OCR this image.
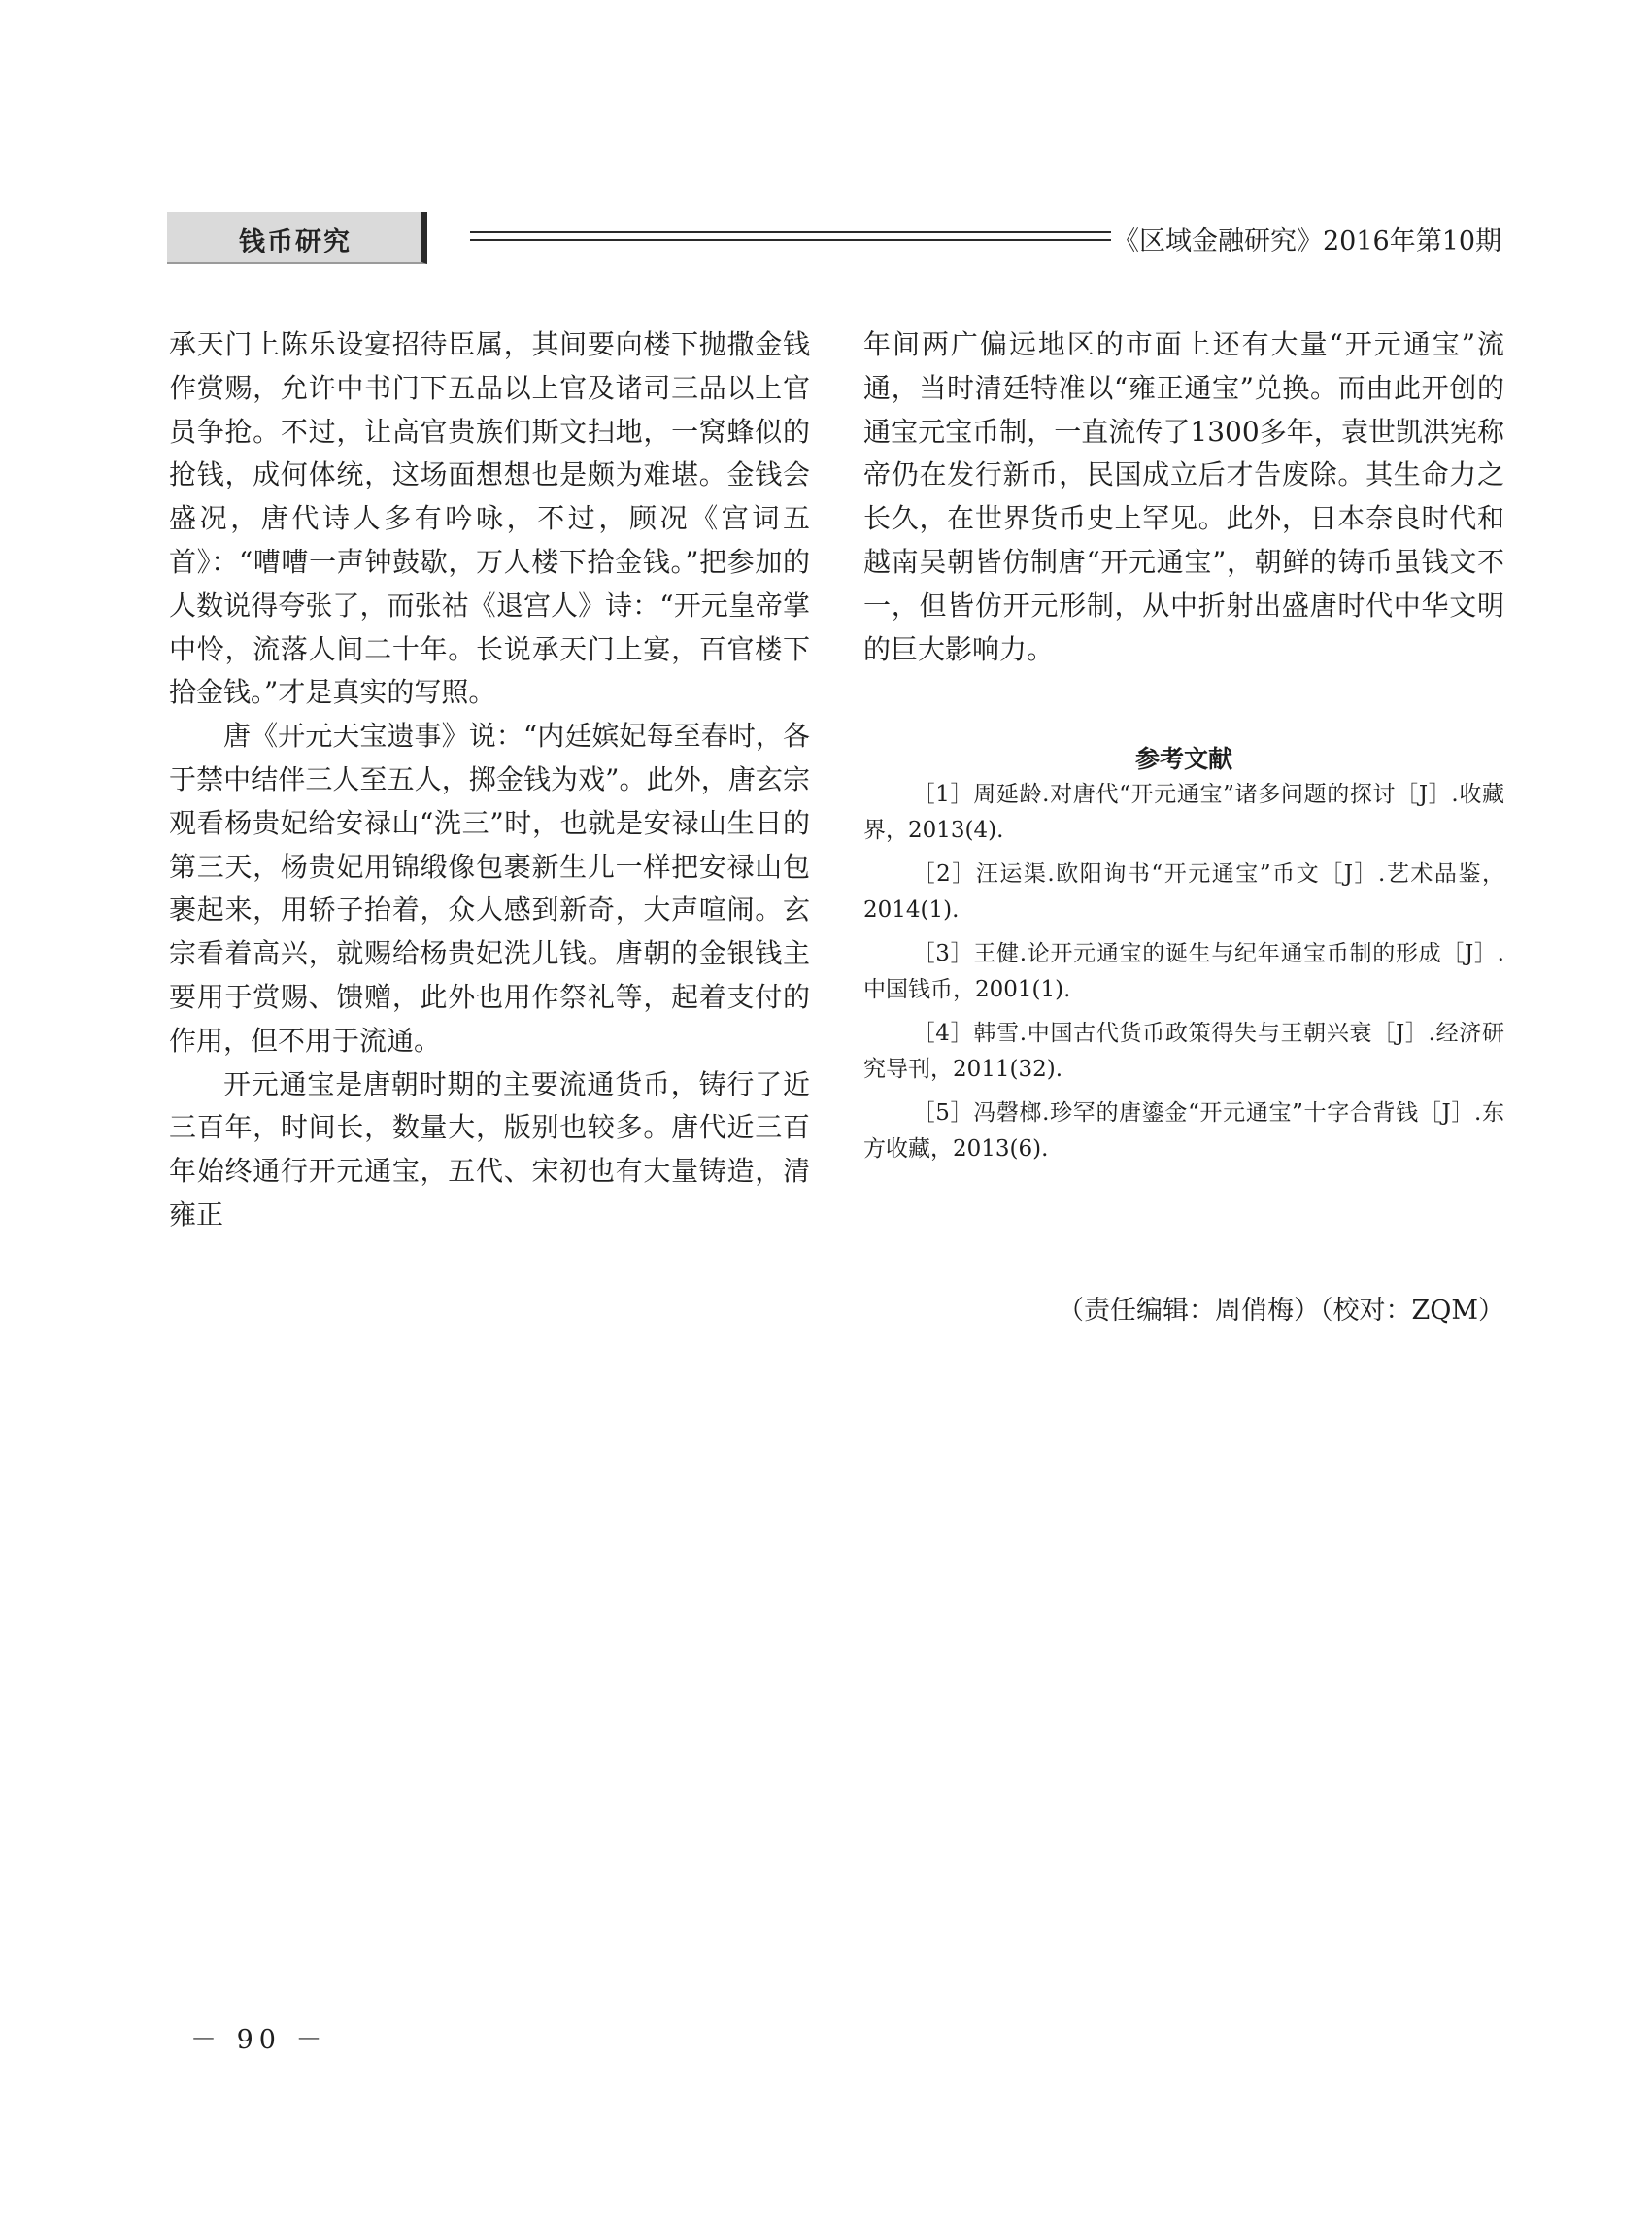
钱币研究	《区域金融研究》2016年第10期

承天门上陈乐设宴招待臣属，其间要向楼下抛撒金钱作赏赐，允许中书门下五品以上官及诸司三品以上官员争抢。不过，让高官贵族们斯文扫地，一窝蜂似的抢钱，成何体统，这场面想想也是颇为难堪。金钱会盛况，唐代诗人多有吟咏，不过，顾况《宫词五首》：“嘈嘈一声钟鼓歇，万人楼下拾金钱。”把参加的人数说得夸张了，而张祜《退宫人》诗：“开元皇帝掌中怜，流落人间二十年。长说承天门上宴，百官楼下拾金钱。”才是真实的写照。

唐《开元天宝遗事》说：“内廷嫔妃每至春时，各于禁中结伴三人至五人，掷金钱为戏”。此外，唐玄宗观看杨贵妃给安禄山“洗三”时，也就是安禄山生日的第三天，杨贵妃用锦缎像包裹新生儿一样把安禄山包裹起来，用轿子抬着，众人感到新奇，大声喧闹。玄宗看着高兴，就赐给杨贵妃洗儿钱。唐朝的金银钱主要用于赏赐、馈赠，此外也用作祭礼等，起着支付的作用，但不用于流通。

开元通宝是唐朝时期的主要流通货币，铸行了近三百年，时间长，数量大，版别也较多。唐代近三百年始终通行开元通宝，五代、宋初也有大量铸造，清雍正

年间两广偏远地区的市面上还有大量“开元通宝”流通，当时清廷特准以“雍正通宝”兑换。而由此开创的通宝元宝币制，一直流传了1300多年，袁世凯洪宪称帝仍在发行新币，民国成立后才告废除。其生命力之长久，在世界货币史上罕见。此外，日本奈良时代和越南吴朝皆仿制唐“开元通宝”，朝鲜的铸币虽钱文不一，但皆仿开元形制，从中折射出盛唐时代中华文明的巨大影响力。

参考文献

［1］周延龄.对唐代“开元通宝”诸多问题的探讨［J］.收藏界，2013(4).

［2］汪运渠.欧阳询书“开元通宝”币文［J］.艺术品鉴，2014(1).

［3］王健.论开元通宝的诞生与纪年通宝币制的形成［J］.中国钱币，2001(1).

［4］韩雪.中国古代货币政策得失与王朝兴衰［J］.经济研究导刊，2011(32).

［5］冯磬榔.珍罕的唐鎏金“开元通宝”十字合背钱［J］.东方收藏，2013(6).

（责任编辑：周俏梅）（校对：ZQM）
－ 90 －
